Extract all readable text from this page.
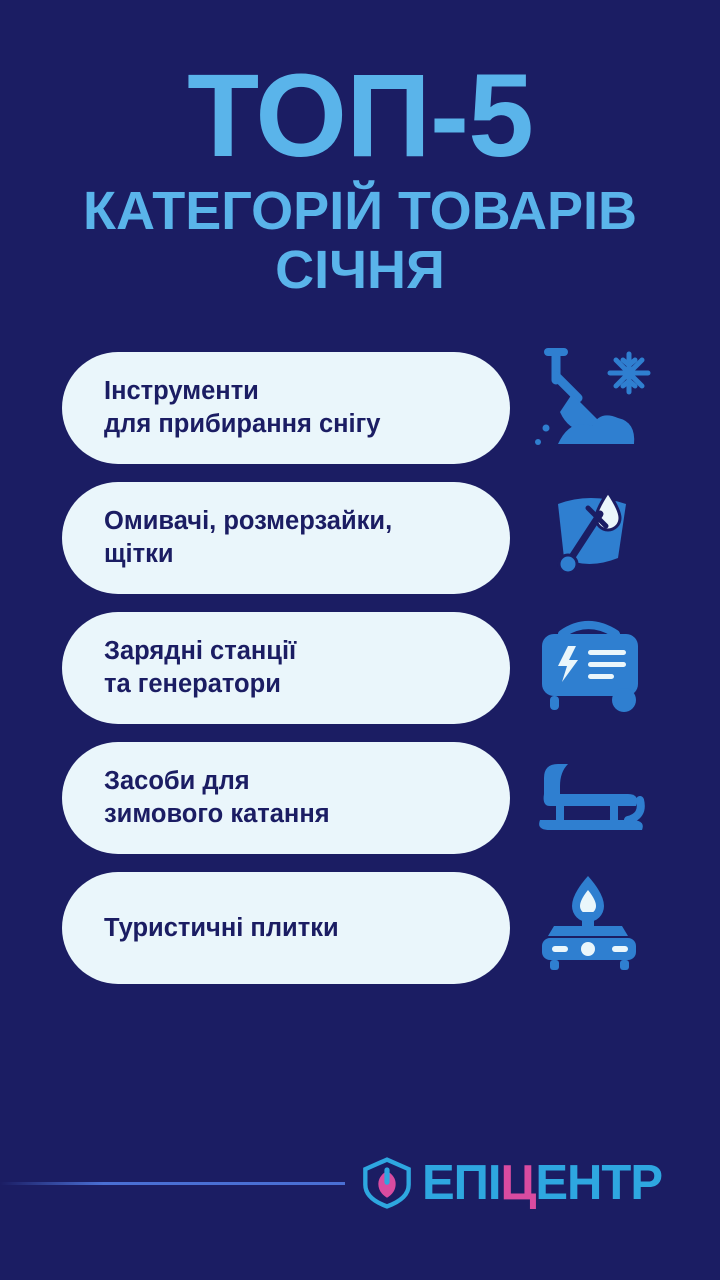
ТОП-5
КАТЕГОРІЙ ТОВАРІВ
СІЧНЯ
Інструменти
для прибирання снігу
Омивачі, розмерзайки,
щітки
Зарядні станції
та генератори
Засоби для
зимового катання
Туристичні плитки
ЕПІЦЕНТР
